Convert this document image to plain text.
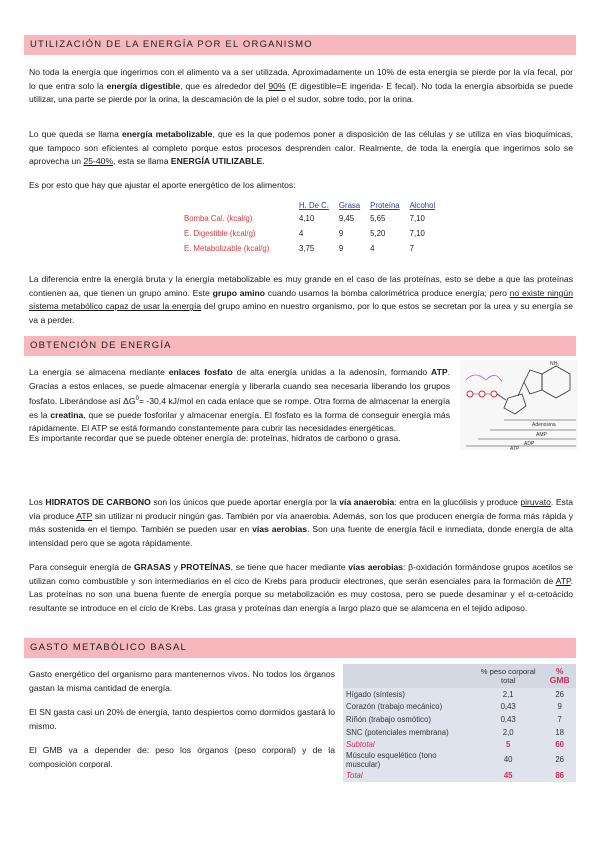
UTILIZACIÓN DE LA ENERGÍA POR EL ORGANISMO

No toda la energía que ingerimos con el alimento va a ser utilizada. Aproximadamente un 10% de esta energía se pierde por la vía fecal, por lo que entra solo la energía digestible, que es alrededor del 90% (E digestible=E ingerida- E fecal). No toda la energía absorbida se puede utilizar, una parte se pierde por la orina, la descamación de la piel o el sudor, sobre todo, por la orina.

Lo que queda se llama energía metabolizable, que es la que podemos poner a disposición de las células y se utiliza en vías bioquímicas, que tampoco son eficientes al completo porque estos procesos desprenden calor. Realmente, de toda la energía que ingerimos solo se aprovecha un 25-40%, esta se llama ENERGÍA UTILIZABLE.

Es por esto que hay que ajustar el aporte energético de los alimentos:

	H. De C.	Grasa	Proteína	Alcohol
Bomba Cal. (kcal/g)	4,10	9,45	5,65	7,10
E. Digestible (kcal/g)	4	9	5,20	7,10
E. Metabolizable (kcal/g)	3,75	9	4	7

La diferencia entre la energía bruta y la energía metabolizable es muy grande en el caso de las proteínas, esto se debe a que las proteínas contienen aa, que tienen un grupo amino. Este grupo amino cuando usamos la bomba calorimétrica produce energía; pero no existe ningún sistema metabólico capaz de usar la energía del grupo amino en nuestro organismo, por lo que estos se secretan por la urea y su energía se va a perder.

OBTENCIÓN DE ENERGÍA

La energía se almacena mediante enlaces fosfato de alta energía unidas a la adenosín, formando ATP. Gracias a estos enlaces, se puede almacenar energía y liberarla cuando sea necesaria liberando los grupos fosfato. Liberándose así $\Delta G^0= -30,4$ kJ/mol en cada enlace que se rompe. Otra forma de almacenar la energía es la creatina, que se puede fosforilar y almacenar energía. El fosfato es la forma de conseguir energía más rápidamente. El ATP se está formando constantemente para cubrir las necesidades energéticas.

NH₂
Adenosina
AMP
ADP
ATP

Es importante recordar que se puede obtener energía de: proteínas, hidratos de carbono o grasa.

Los HIDRATOS DE CARBONO son los únicos que puede aportar energía por la vía anaerobia: entra en la glucólisis y produce piruvato. Esta vía produce ATP sin utilizar ni producir ningún gas. También por vía anaerobia. Además, son los que producen energía de forma más rápida y más sostenida en el tiempo. También se pueden usar en vías aerobias. Son una fuente de energía fácil e inmediata, donde energía de alta intensidad pero que se agota rápidamente.

Para conseguir energía de GRASAS y PROTEÍNAS, se tiene que hacer mediante vías aerobias: β-oxidación formándose grupos acetilos se utilizan como combustible y son intermediarios en el cico de Krebs para producir electrones, que serán esenciales para la formación de ATP. Las proteínas no son una buena fuente de energía porque su metabolización es muy costosa, pero se puede desaminar y el α-cetoácido resultante se introduce en el ciclo de Krebs. Las grasa y proteínas dan energía a largo plazo que se alamcena en el tejido adiposo.

GASTO METABÓLICO BASAL

Gasto energético del organismo para mantenernos vivos. No todos los órganos gastan la misma cantidad de energía.

El SN gasta casi un 20% de energía, tanto despiertos como dormidos gastará lo mismo.

El GMB va a depender de: peso los órganos (peso corporal) y de la composición corporal.

	% peso corporal total	% GMB
Hígado (síntesis)	2,1	26
Corazón (trabajo mecánico)	0,43	9
Riñón (trabajo osmótico)	0,43	7
SNC (potenciales membrana)	2,0	18
Subtotal	5	60
Músculo esquelético (tono muscular)	40	26
Total	45	86
